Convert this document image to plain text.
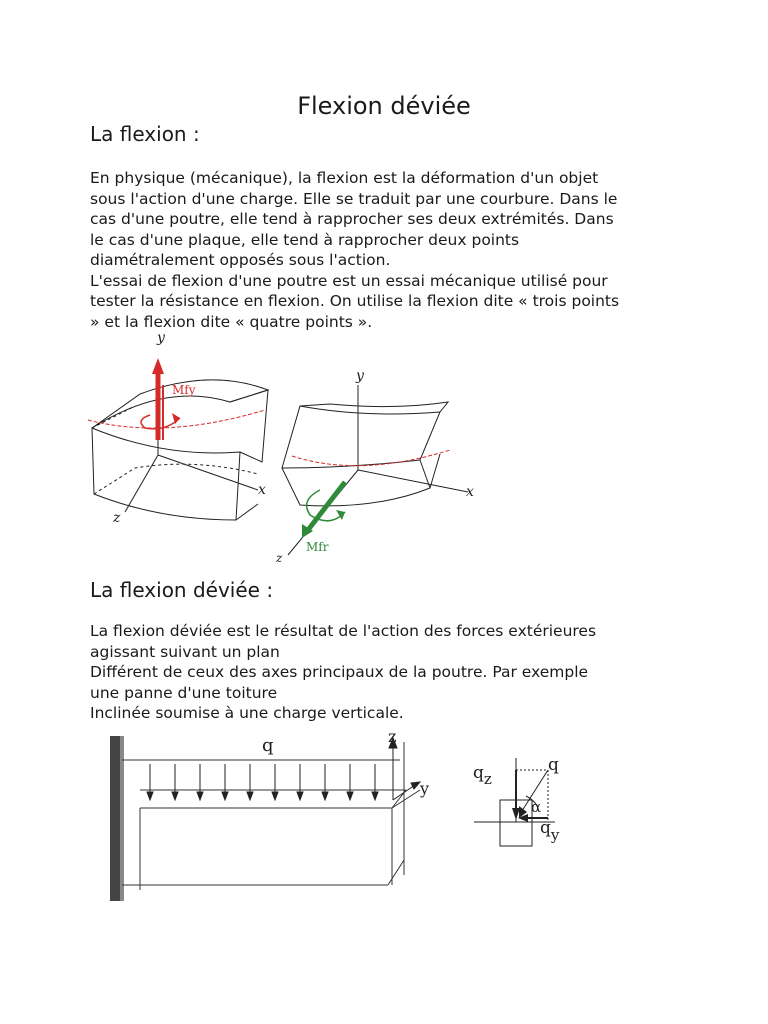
Flexion déviée
La flexion :
En physique (mécanique), la flexion est la déformation d'un objet
sous l'action d'une charge. Elle se traduit par une courbure. Dans le
cas d'une poutre, elle tend à rapprocher ses deux extrémités. Dans
le cas d'une plaque, elle tend à rapprocher deux points
diamétralement opposés sous l'action.
L'essai de flexion d'une poutre est un essai mécanique utilisé pour
tester la résistance en flexion. On utilise la flexion dite « trois points
» et la flexion dite « quatre points ».
y
x
z
Mfy
y
x
z
Mfr
La flexion déviée :
La flexion déviée est le résultat de l'action des forces extérieures
agissant suivant un plan
Différent de ceux des axes principaux de la poutre. Par exemple
une panne d'une toiture
Inclinée soumise à une charge verticale.
q	z
y
q
qz
qy
α
